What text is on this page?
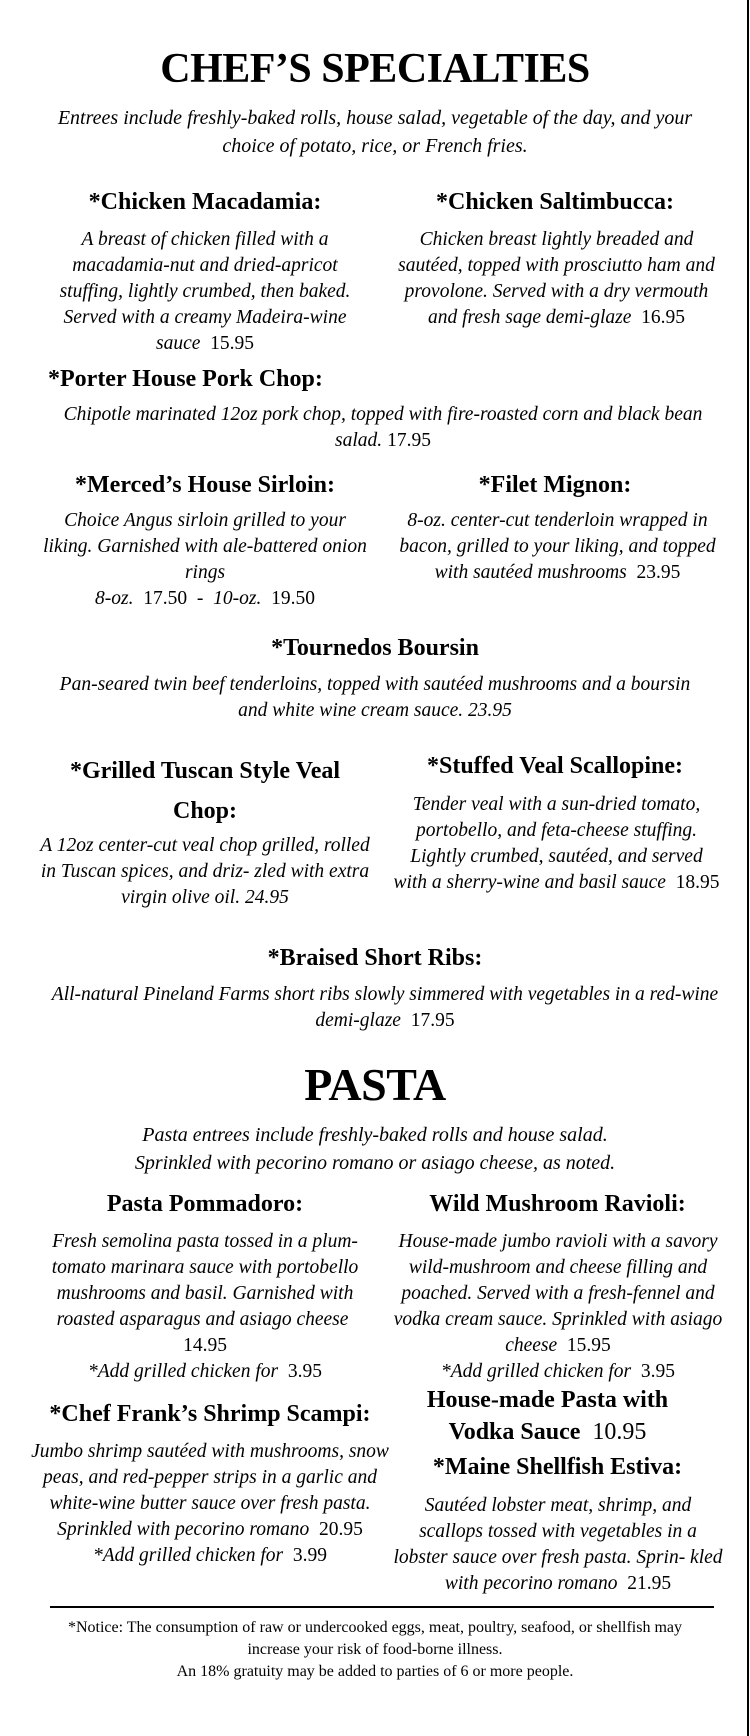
CHEF’S SPECIALTIES

Entrees include freshly-baked rolls, house salad, vegetable of the day, and your choice of potato, rice, or French fries.

*Chicken Macadamia:

A breast of chicken filled with a macadamia-nut and dried-apricot stuffing, lightly crumbed, then baked. Served with a creamy Madeira-wine sauce 15.95

*Chicken Saltimbucca:

Chicken breast lightly breaded and sautéed, topped with prosciutto ham and provolone. Served with a dry vermouth and fresh sage demi-glaze 16.95

*Porter House Pork Chop:

Chipotle marinated 12oz pork chop, topped with fire-roasted corn and black bean salad. 17.95

*Merced’s House Sirloin:

Choice Angus sirloin grilled to your liking. Garnished with ale-battered onion rings

8-oz. 17.50 - 10-oz. 19.50

*Filet Mignon:

8-oz. center-cut tenderloin wrapped in bacon, grilled to your liking, and topped with sautéed mushrooms 23.95

*Tournedos Boursin

Pan-seared twin beef tenderloins, topped with sautéed mushrooms and a boursin and white wine cream sauce. 23.95

*Grilled Tuscan Style Veal Chop:

A 12oz center-cut veal chop grilled, rolled in Tuscan spices, and driz- zled with extra virgin olive oil. 24.95

*Stuffed Veal Scallopine:

Tender veal with a sun-dried tomato, portobello, and feta-cheese stuffing. Lightly crumbed, sautéed, and served with a sherry-wine and basil sauce 18.95

*Braised Short Ribs:

All-natural Pineland Farms short ribs slowly simmered with vegetables in a red-wine demi-glaze 17.95

PASTA

Pasta entrees include freshly-baked rolls and house salad. Sprinkled with pecorino romano or asiago cheese, as noted.

Pasta Pommadoro:

Fresh semolina pasta tossed in a plum-tomato marinara sauce with portobello mushrooms and basil. Garnished with roasted asparagus and asiago cheese  14.95
*Add grilled chicken for 3.95

Wild Mushroom Ravioli:

House-made jumbo ravioli with a savory wild-mushroom and cheese filling and poached. Served with a fresh-fennel and vodka cream sauce. Sprinkled with asiago cheese 15.95
*Add grilled chicken for 3.95

*Chef Frank’s Shrimp Scampi:

Jumbo shrimp sautéed with mushrooms, snow peas, and red-pepper strips in a garlic and white-wine butter sauce over fresh pasta. Sprinkled with pecorino romano 20.95
*Add grilled chicken for 3.99

House-made Pasta with Vodka Sauce 10.95
*Maine Shellfish Estiva:

Sautéed lobster meat, shrimp, and scallops tossed with vegetables in a lobster sauce over fresh pasta. Sprin- kled with pecorino romano 21.95

*Notice: The consumption of raw or undercooked eggs, meat, poultry, seafood, or shellfish may increase your risk of food-borne illness.

An 18% gratuity may be added to parties of 6 or more people.
